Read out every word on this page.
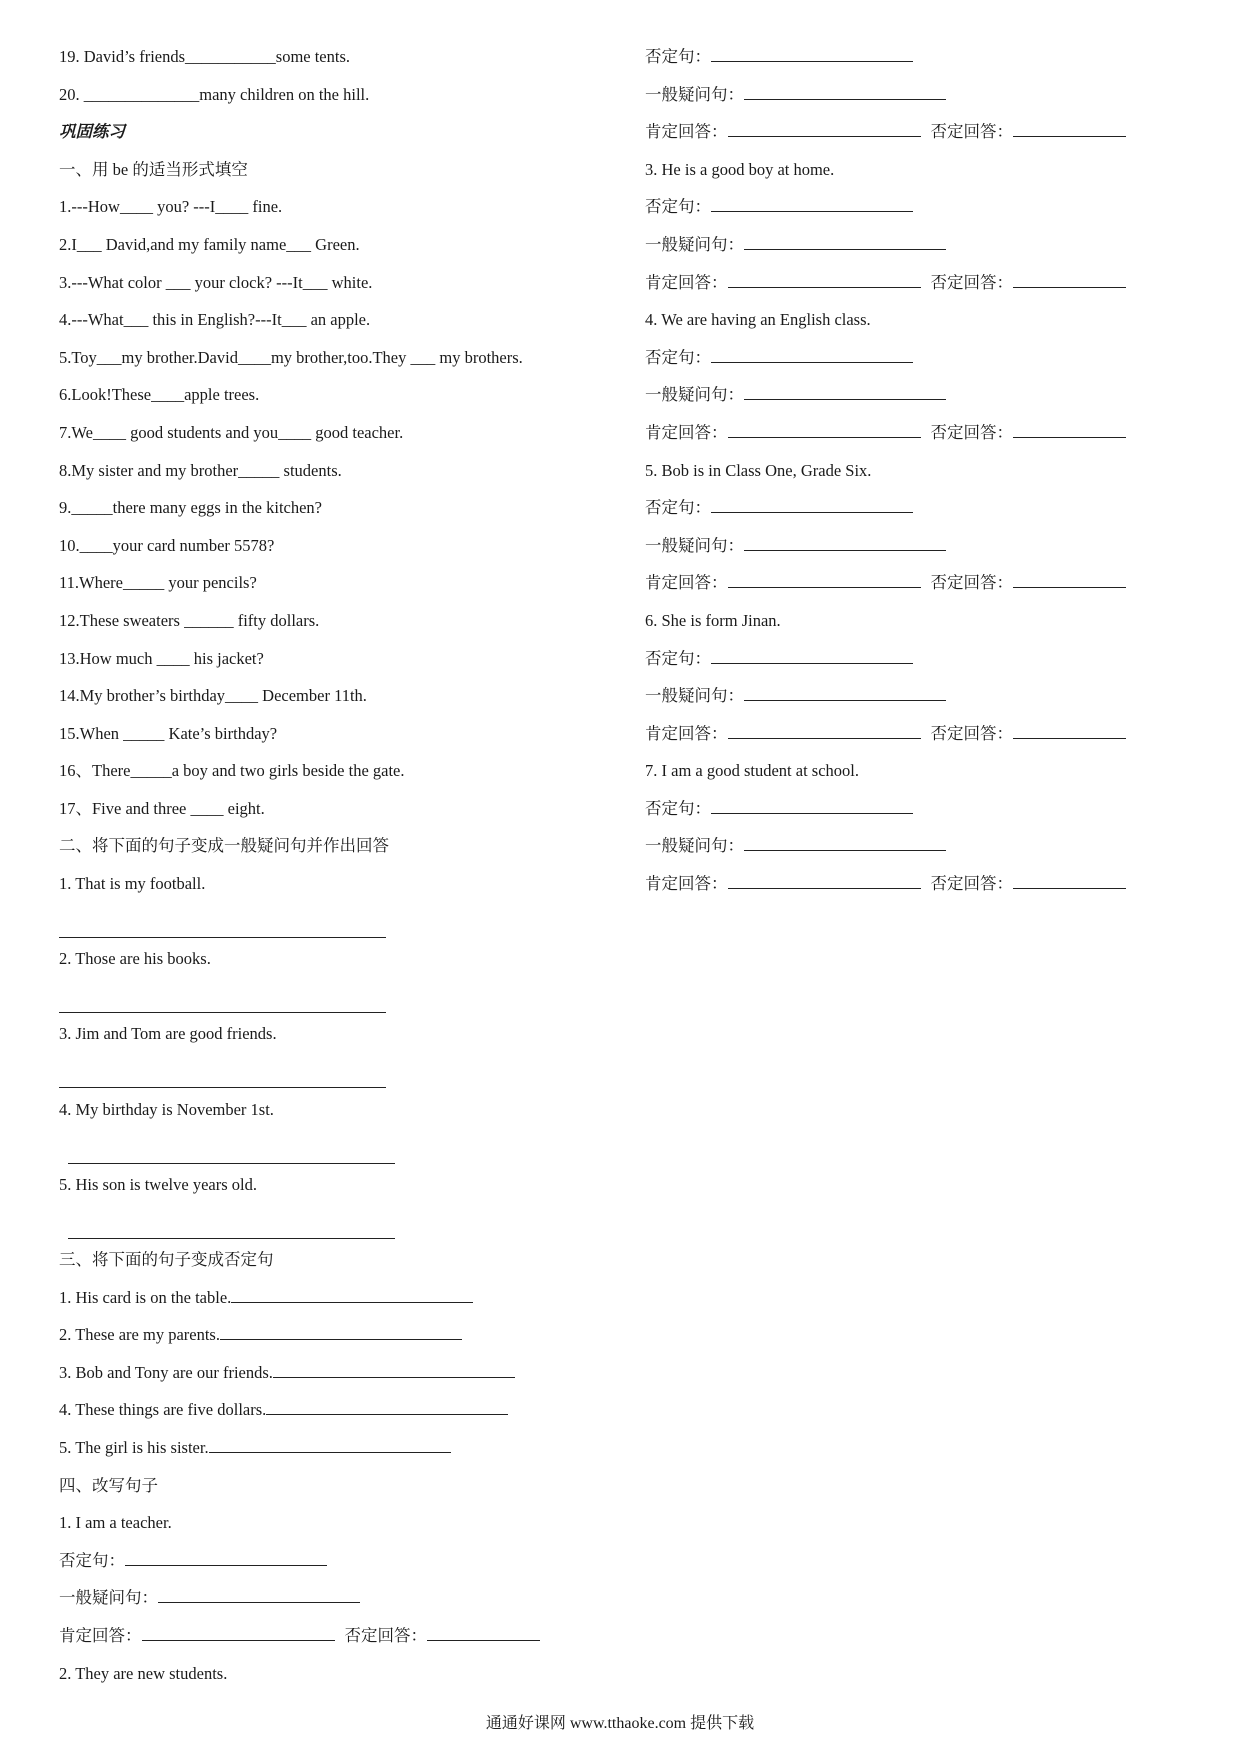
19. David’s friends___________some tents.
20. ______________many children on the hill.
巩固练习
一、用 be 的适当形式填空
1.---How____ you? ---I____ fine.
2.I___ David,and my family name___ Green.
3.---What color ___ your clock? ---It___ white.
4.---What___ this in English?---It___ an apple.
5.Toy___my brother.David____my brother,too.They ___ my brothers.
6.Look!These____apple trees.
7.We____ good students and you____ good teacher.
8.My sister and my brother_____ students.
9._____there many eggs in the kitchen?
10.____your card number 5578?
11.Where_____ your pencils?
12.These sweaters ______ fifty dollars.
13.How much ____ his jacket?
14.My brother’s birthday____ December 11th.
15.When _____ Kate’s birthday?
16、There_____a boy and two girls beside the gate.
17、Five and three ____ eight.
二、将下面的句子变成一般疑问句并作出回答
1. That is my football.
2. Those are his books.
3. Jim and Tom are good friends.
4. My birthday is November 1st.
5. His son is twelve years old.
三、将下面的句子变成否定句
1. His card is on the table.
2. These are my parents.
3. Bob and Tony are our friends.
4. These things are five dollars.
5. The girl is his sister.
四、改写句子
1. I am a teacher.
否定句：
一般疑问句：
肯定回答：	否定回答：
2. They are new students.
否定句：
一般疑问句：
肯定回答：	否定回答：
3. He is a good boy at home.
否定句：
一般疑问句：
肯定回答：	否定回答：
4. We are having an English class.
否定句：
一般疑问句：
肯定回答：	否定回答：
5. Bob is in Class One, Grade Six.
否定句：
一般疑问句：
肯定回答：	否定回答：
6. She is form Jinan.
否定句：
一般疑问句：
肯定回答：	否定回答：
7. I am a good student at school.
否定句：
一般疑问句：
肯定回答：	否定回答：
通通好课网 www.tthaoke.com 提供下载
